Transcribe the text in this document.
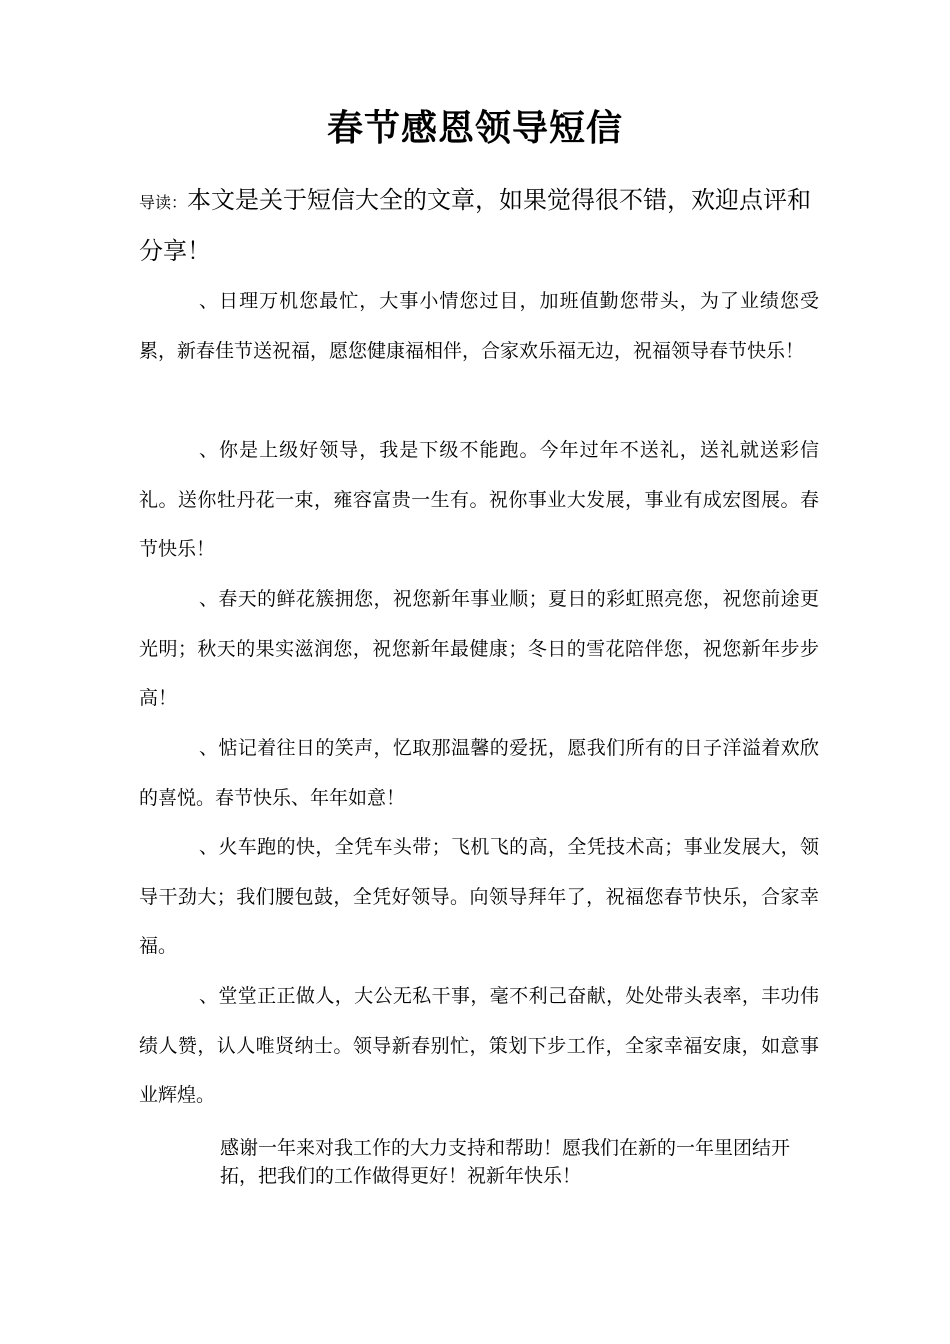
春节感恩领导短信

导读：本文是关于短信大全的文章，如果觉得很不错，欢迎点评和分享！

、日理万机您最忙，大事小情您过目，加班值勤您带头，为了业绩您受累，新春佳节送祝福，愿您健康福相伴，合家欢乐福无边，祝福领导春节快乐！

、你是上级好领导，我是下级不能跑。今年过年不送礼，送礼就送彩信礼。送你牡丹花一束，雍容富贵一生有。祝你事业大发展，事业有成宏图展。春节快乐！

、春天的鲜花簇拥您，祝您新年事业顺；夏日的彩虹照亮您，祝您前途更光明；秋天的果实滋润您，祝您新年最健康；冬日的雪花陪伴您，祝您新年步步高！

、惦记着往日的笑声，忆取那温馨的爱抚，愿我们所有的日子洋溢着欢欣的喜悦。春节快乐、年年如意！

、火车跑的快，全凭车头带；飞机飞的高，全凭技术高；事业发展大，领导干劲大；我们腰包鼓，全凭好领导。向领导拜年了，祝福您春节快乐，合家幸福。

、堂堂正正做人，大公无私干事，毫不利己奋献，处处带头表率，丰功伟绩人赞，认人唯贤纳士。领导新春别忙，策划下步工作，全家幸福安康，如意事业辉煌。

感谢一年来对我工作的大力支持和帮助！愿我们在新的一年里团结开拓，把我们的工作做得更好！祝新年快乐！
